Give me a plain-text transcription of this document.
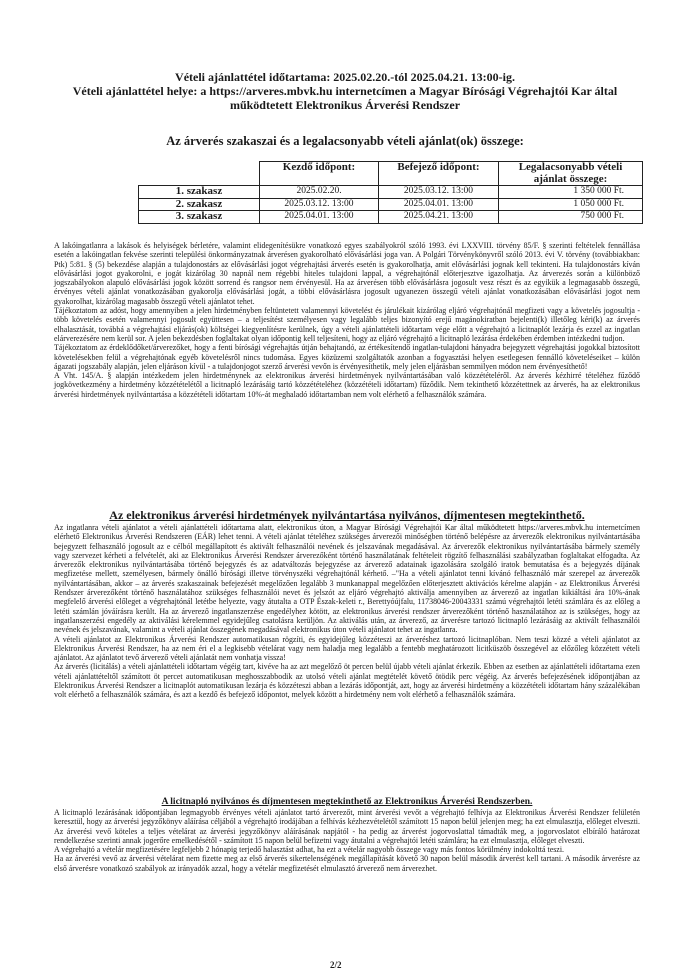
Vételi ajánlattétel időtartama: 2025.02.20.-tól 2025.04.21. 13:00-ig.
Vételi ajánlattétel helye: a https://arveres.mbvk.hu internetcímen a Magyar Bírósági Végrehajtói Kar által
működtetett Elektronikus Árverési Rendszer
Az árverés szakaszai és a legalacsonyabb vételi ajánlat(ok) összege:
	Kezdő időpont:	Befejező időpont:	Legalacsonyabb vételi ajánlat összege:
1. szakasz	2025.02.20.	2025.03.12. 13:00	1 350 000 Ft.
2. szakasz	2025.03.12. 13:00	2025.04.01. 13:00	1 050 000 Ft.
3. szakasz	2025.04.01. 13:00	2025.04.21. 13:00	750 000 Ft.

A lakóingatlanra a lakások és helyiségek bérletére, valamint elidegenítésükre vonatkozó egyes szabályokról szóló 1993. évi LXXVIII. törvény 85/F. § szerinti feltételek fennállása esetén a lakóingatlan fekvése szerinti települési önkormányzatnak árverésen gyakorolható elővásárlási joga van. A Polgári Törvénykönyvről szóló 2013. évi V. törvény (továbbiakban: Ptk) 5:81. § (5) bekezdése alapján a tulajdonostárs az elővásárlási jogot végrehajtási árverés esetén is gyakorolhatja, amit elővásárlási jognak kell tekinteni. Ha tulajdonostárs kíván elővásárlási jogot gyakorolni, e jogát kizárólag 30 napnál nem régebbi hiteles tulajdoni lappal, a végrehajtónál előterjesztve igazolhatja. Az árverezés során a különböző jogszabályokon alapuló elővásárlási jogok között sorrend és rangsor nem érvényesül. Ha az árverésen több elővásárlásra jogosult vesz részt és az egyikük a legmagasabb összegű, érvényes vételi ajánlat vonatkozásában gyakorolja elővásárlási jogát, a többi elővásárlásra jogosult ugyanezen összegű vételi ajánlat vonatkozásában elővásárlási jogot nem gyakorolhat, kizárólag magasabb összegű vételi ajánlatot tehet.

Tájékoztatom az adóst, hogy amennyiben a jelen hirdetményben feltüntetett valamennyi követelést és járulékait kizárólag eljáró végrehajtónál megfizeti vagy a követelés jogosultja - több követelés esetén valamennyi jogosult együttesen – a teljesítést személyesen vagy legalább teljes bizonyító erejű magánokiratban bejelenti(k) illetőleg kéri(k) az árverés elhalasztását, továbbá a végrehajtási eljárás(ok) költségei kiegyenlítésre kerülnek, úgy a vételi ajánlattételi időtartam vége előtt a végrehajtó a licitnaplót lezárja és ezzel az ingatlan elárverezésére nem kerül sor. A jelen bekezdésben foglaltakat olyan időpontig kell teljesíteni, hogy az eljáró végrehajtó a licitnapló lezárása érdekében érdemben intézkedni tudjon.

Tájékoztatom az érdeklődőket/árverezőket, hogy a fenti bírósági végrehajtás útján behajtandó, az értékesítendő ingatlan-tulajdoni hányadra bejegyzett végrehajtási jogokkal biztosított követelésekben felül a végrehajtónak egyéb követelésről nincs tudomása. Egyes közüzemi szolgáltatók azonban a fogyasztási helyen esetlegesen fennálló követeléseiket – külön ágazati jogszabály alapján, jelen eljáráson kívül - a tulajdonjogot szerző árverési vevőn is érvényesíthetik, mely jelen eljárásban semmilyen módon nem érvényesíthető!

A Vht. 145/A. § alapján intézkedem jelen hirdetménynek az elektronikus árverési hirdetmények nyilvántartásában való közzétételéről. Az árverés kézhirré tételéhez fűződő jogkövetkezmény a hirdetmény közzétételétől a licitnapló lezárásáig tartó közzétételéhez (közzétételi időtartam) fűződik. Nem tekinthető közzétettnek az árverés, ha az elektronikus árverési hirdetmények nyilvántartása a közzétételi időtartam 10%-át meghaladó időtartamban nem volt elérhető a felhasználók számára.

Az elektronikus árverési hirdetmények nyilvántartása nyilvános, díjmentesen megtekinthető.

Az ingatlanra vételi ajánlatot a vételi ajánlattételi időtartama alatt, elektronikus úton, a Magyar Bírósági Végrehajtói Kar által működtetett https://arveres.mbvk.hu internetcímen elérhető Elektronikus Árverési Rendszeren (EÁR) lehet tenni. A vételi ajánlat tételéhez szükséges árverezői minőségben történő belépésre az árverezők elektronikus nyilvántartásába bejegyzett felhasználó jogosult az e célból megállapított és aktivált felhasználói nevének és jelszavának megadásával. Az árverezők elektronikus nyilvántartásába bármely személy vagy szervezet kérheti a felvételét, aki az Elektronikus Árverési Rendszer árverezőként történő használatának feltételeit rögzítő felhasználási szabályzatban foglaltakat elfogadta. Az árverezők elektronikus nyilvántartásába történő bejegyzés és az adatváltozás bejegyzése az árverező adatainak igazolására szolgáló iratok bemutatása és a bejegyzés díjának megfizetése mellett, személyesen, bármely önálló bírósági illetve törvényszéki végrehajtónál kérhető. –"Ha a vételi ajánlatot tenni kívánó felhasználó már szerepel az árverezők nyilvántartásában, akkor – az árverés szakaszainak befejezését megelőzően legalább 3 munkanappal megelőzően előterjesztett aktivációs kérelme alapján - az Elektronikus Árverési Rendszer árverezőként történő használatához szükséges felhasználói nevet és jelszót az eljáró végrehajtó aktiválja amennyiben az árverező az ingatlan kikiáltási ára 10%-ának megfelelő árverési előleget a végrehajtónál letétbe helyezte, vagy átutalta a OTP Észak-keleti r., Berettyóújfalu, 11738046-20043331 számú végrehajtói letéti számlára és az előleg a letéti számlán jóváírásra került. Ha az árverező ingatlanszerzése engedélyhez kötött, az elektronikus árverési rendszer árverezőként történő használatához az is szükséges, hogy az ingatlanszerzési engedély az aktiválási kérelemmel egyidejűleg csatolásra kerüljön. Az aktiválás után, az árverező, az árverésre tartozó licitnapló lezárásáig az aktivált felhasználói nevének és jelszavának, valamint a vételi ajánlat összegének megadásával elektronikus úton vételi ajánlatot tehet az ingatlanra.

A vételi ajánlatot az Elektronikus Árverési Rendszer automatikusan rögzíti, és egyidejűleg közzéteszi az árveréshez tartozó licitnaplóban. Nem teszi közzé a vételi ajánlatot az Elektronikus Árverési Rendszer, ha az nem éri el a legkisebb vételárat vagy nem haladja meg legalább a fentebb meghatározott licitküszöb összegével az előzőleg közzétett vételi ajánlatot. Az ajánlatot tevő árverező vételi ajánlatát nem vonhatja vissza!

Az árverés (licitálás) a vételi ajánlattételi időtartam végéig tart, kivéve ha az azt megelőző öt percen belül újabb vételi ajánlat érkezik. Ebben az esetben az ajánlattételi időtartama ezen vételi ajánlattételtől számított öt percet automatikusan meghosszabbodik az utolsó vételi ajánlat megtételét követő ötödik perc végéig. Az árverés befejezésének időpontjában az Elektronikus Árverési Rendszer a licitnaplót automatikusan lezárja és közzéteszi abban a lezárás időpontját, azt, hogy az árverési hirdetmény a közzétételi időtartam hány százalékában volt elérhető a felhasználók számára, és azt a kezdő és befejező időpontot, melyek között a hirdetmény nem volt elérhető a felhasználók számára.

A licitnapló nyilvános és díjmentesen megtekinthető az Elektronikus Árverési Rendszerben.

A licitnapló lezárásának időpontjában legmagyobb érvényes vételi ajánlatot tartó árverezőt, mint árverési vevőt a végrehajtó felhívja az Elektronikus Árverési Rendszer felületén keresztül, hogy az árverési jegyzőkönyv aláírása céljából a végrehajtó irodájában a felhívás kézhezvételétől számított 15 napon belül jelenjen meg; ha ezt elmulasztja, előleget elveszti. Az árverési vevő köteles a teljes vételárat az árverési jegyzőkönyv aláírásának napjától - ha pedig az árverést jogorvoslattal támadták meg, a jogorvoslatot elbíráló határozat rendelkezése szerinti annak jogerőre emelkedésétől - számított 15 napon belül befizetni vagy átutalni a végrehajtói letéti számlára; ha ezt elmulasztja, előleget elveszti.

A végrehajtó a vételár megfizetésére legfeljebb 2 hónapig terjedő halasztást adhat, ha ezt a vételár nagyobb összege vagy más fontos körülmény indokolttá teszi.

Ha az árverési vevő az árverési vételárat nem fizette meg az első árverés sikertelenségének megállapítását követő 30 napon belül második árverést kell tartani. A második árverésre az első árverésre vonatkozó szabályok az irányadók azzal, hogy a vételár megfizetését elmulasztó árverező nem árverezhet.

2/2
